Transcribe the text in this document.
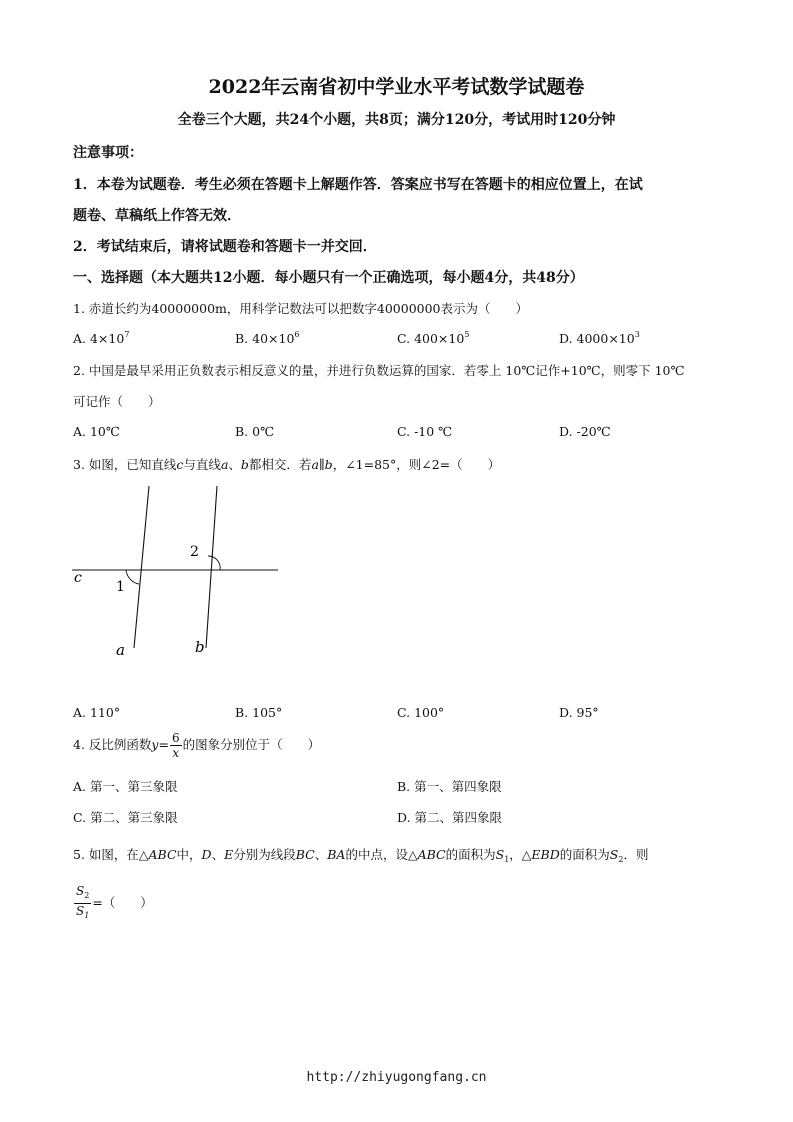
2022年云南省初中学业水平考试数学试题卷
全卷三个大题，共24个小题，共8页；满分120分，考试用时120分钟
注意事项：
1．本卷为试题卷．考生必须在答题卡上解题作答．答案应书写在答题卡的相应位置上，在试
题卷、草稿纸上作答无效．
2．考试结束后，请将试题卷和答题卡一并交回．
一、选择题（本大题共12小题．每小题只有一个正确选项，每小题4分，共48分）
1. 赤道长约为40000000m，用科学记数法可以把数字40000000表示为（　　）
A. $4\times 10^7$	B. $40\times 10^6$	C. $400\times 10^5$	D. $4000\times 10^3$
2. 中国是最早采用正负数表示相反意义的量，并进行负数运算的国家．若零上 10℃记作+10℃，则零下 10℃
可记作（　　）
A. 10℃	B. 0℃	C. -10 ℃	D. -20℃
3. 如图，已知直线c与直线a、b都相交．若a∥b，∠1=85°，则∠2=（　　）
c
1
2
a	b
A. 110°	B. 105°	C. 100°	D. 95°
4. 反比例函数$y= \frac{6}{x}$ 的图象分别位于（　　）
A. 第一、第三象限	B. 第一、第四象限
C. 第二、第三象限	D. 第二、第四象限
5. 如图，在△ABC中，D、E分别为线段BC、BA的中点，设△ABC的面积为$S_1$，△EBD的面积为$S_2$．则
$\frac{S_2}{S_1}$ =（　　）
http://zhiyugongfang.cn
